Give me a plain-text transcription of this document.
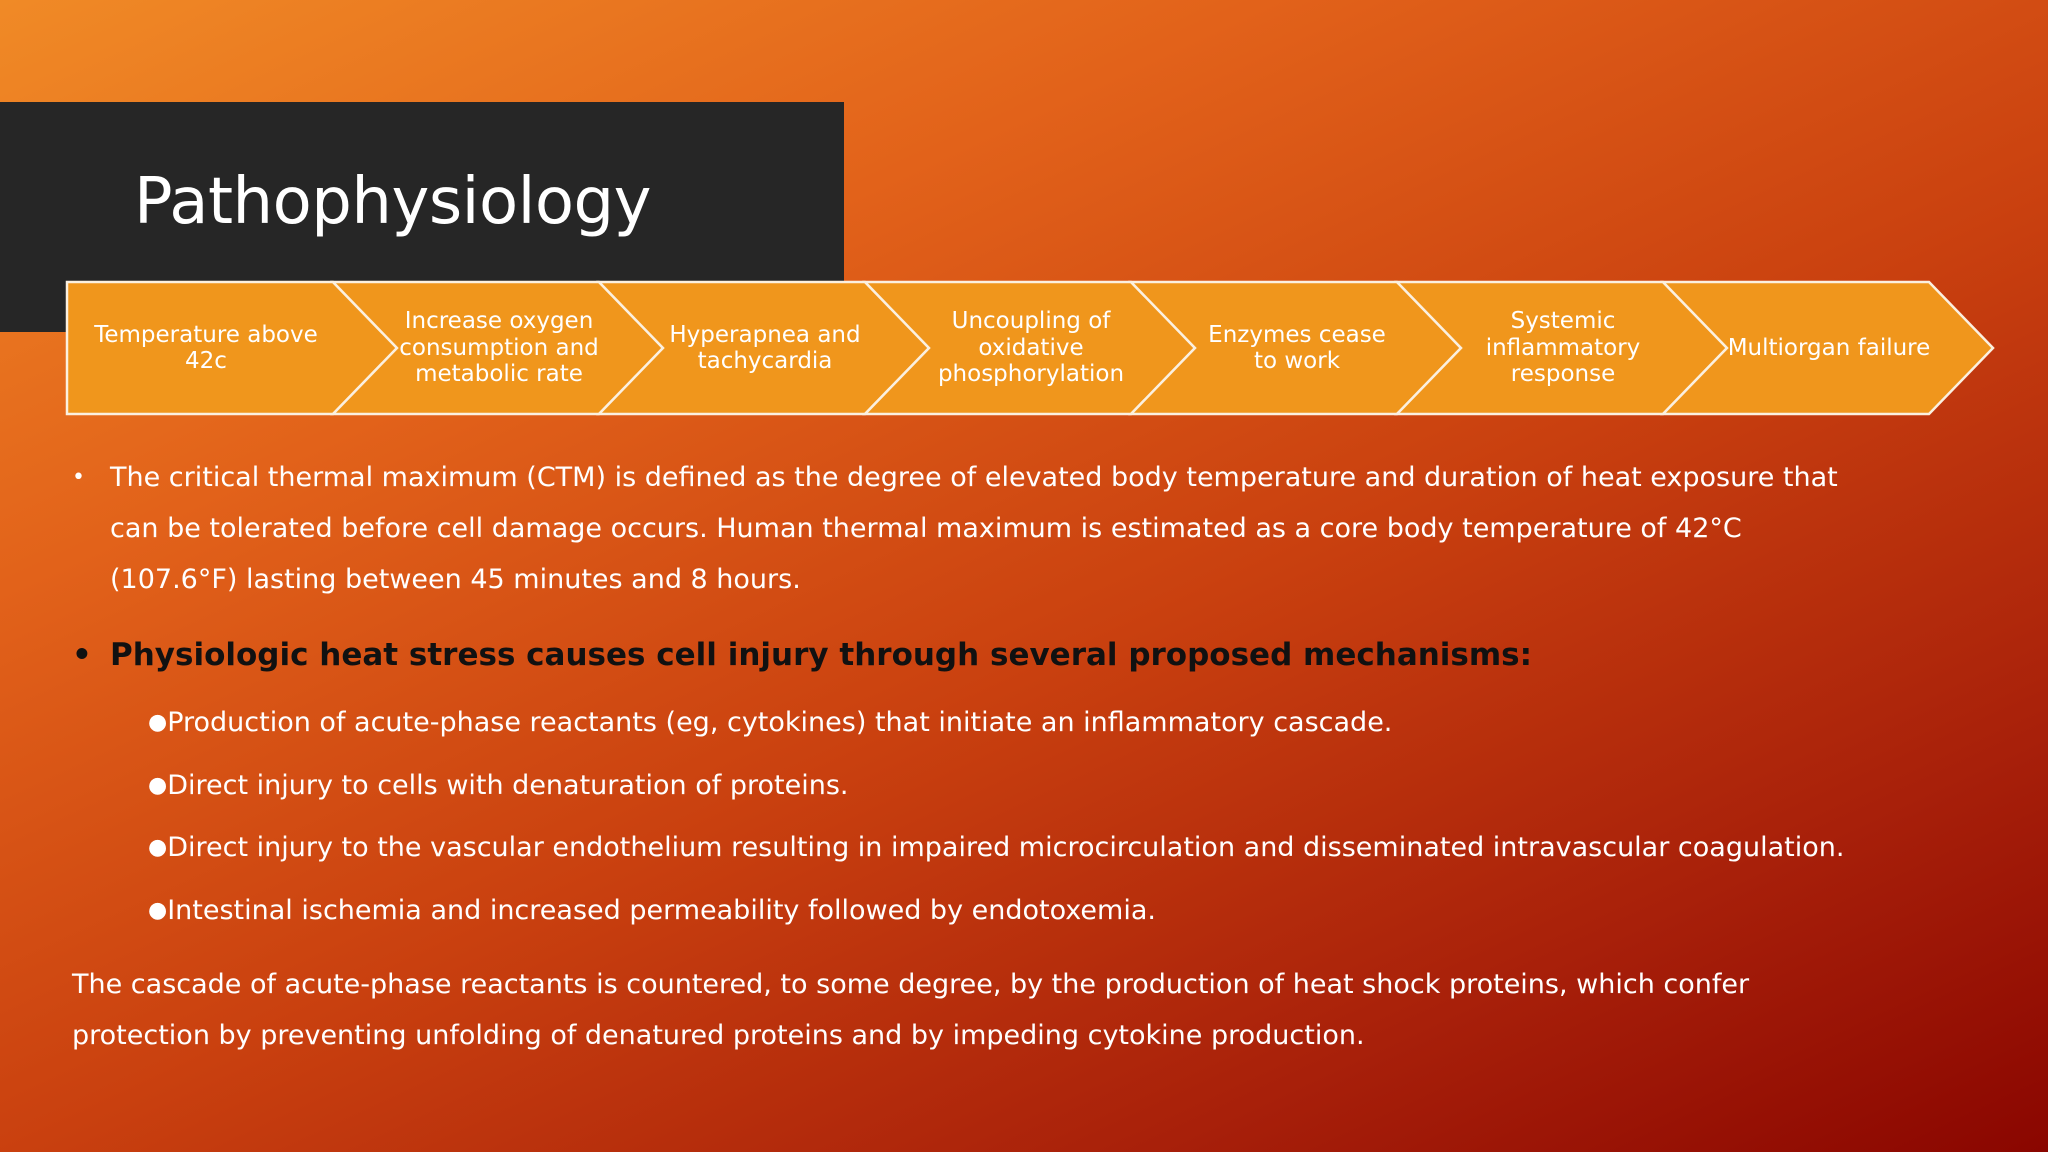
Pathophysiology
Temperature above 42c
Increase oxygen consumption and metabolic rate
Hyperapnea and tachycardia
Uncoupling of oxidative phosphorylation
Enzymes cease to work
Systemic inflammatory response
Multiorgan failure
• The critical thermal maximum (CTM) is defined as the degree of elevated body temperature and duration of heat exposure that can be tolerated before cell damage occurs. Human thermal maximum is estimated as a core body temperature of 42°C (107.6°F) lasting between 45 minutes and 8 hours.
• Physiologic heat stress causes cell injury through several proposed mechanisms:
●Production of acute-phase reactants (eg, cytokines) that initiate an inflammatory cascade.
●Direct injury to cells with denaturation of proteins.
●Direct injury to the vascular endothelium resulting in impaired microcirculation and disseminated intravascular coagulation.
●Intestinal ischemia and increased permeability followed by endotoxemia.
The cascade of acute-phase reactants is countered, to some degree, by the production of heat shock proteins, which confer protection by preventing unfolding of denatured proteins and by impeding cytokine production.
